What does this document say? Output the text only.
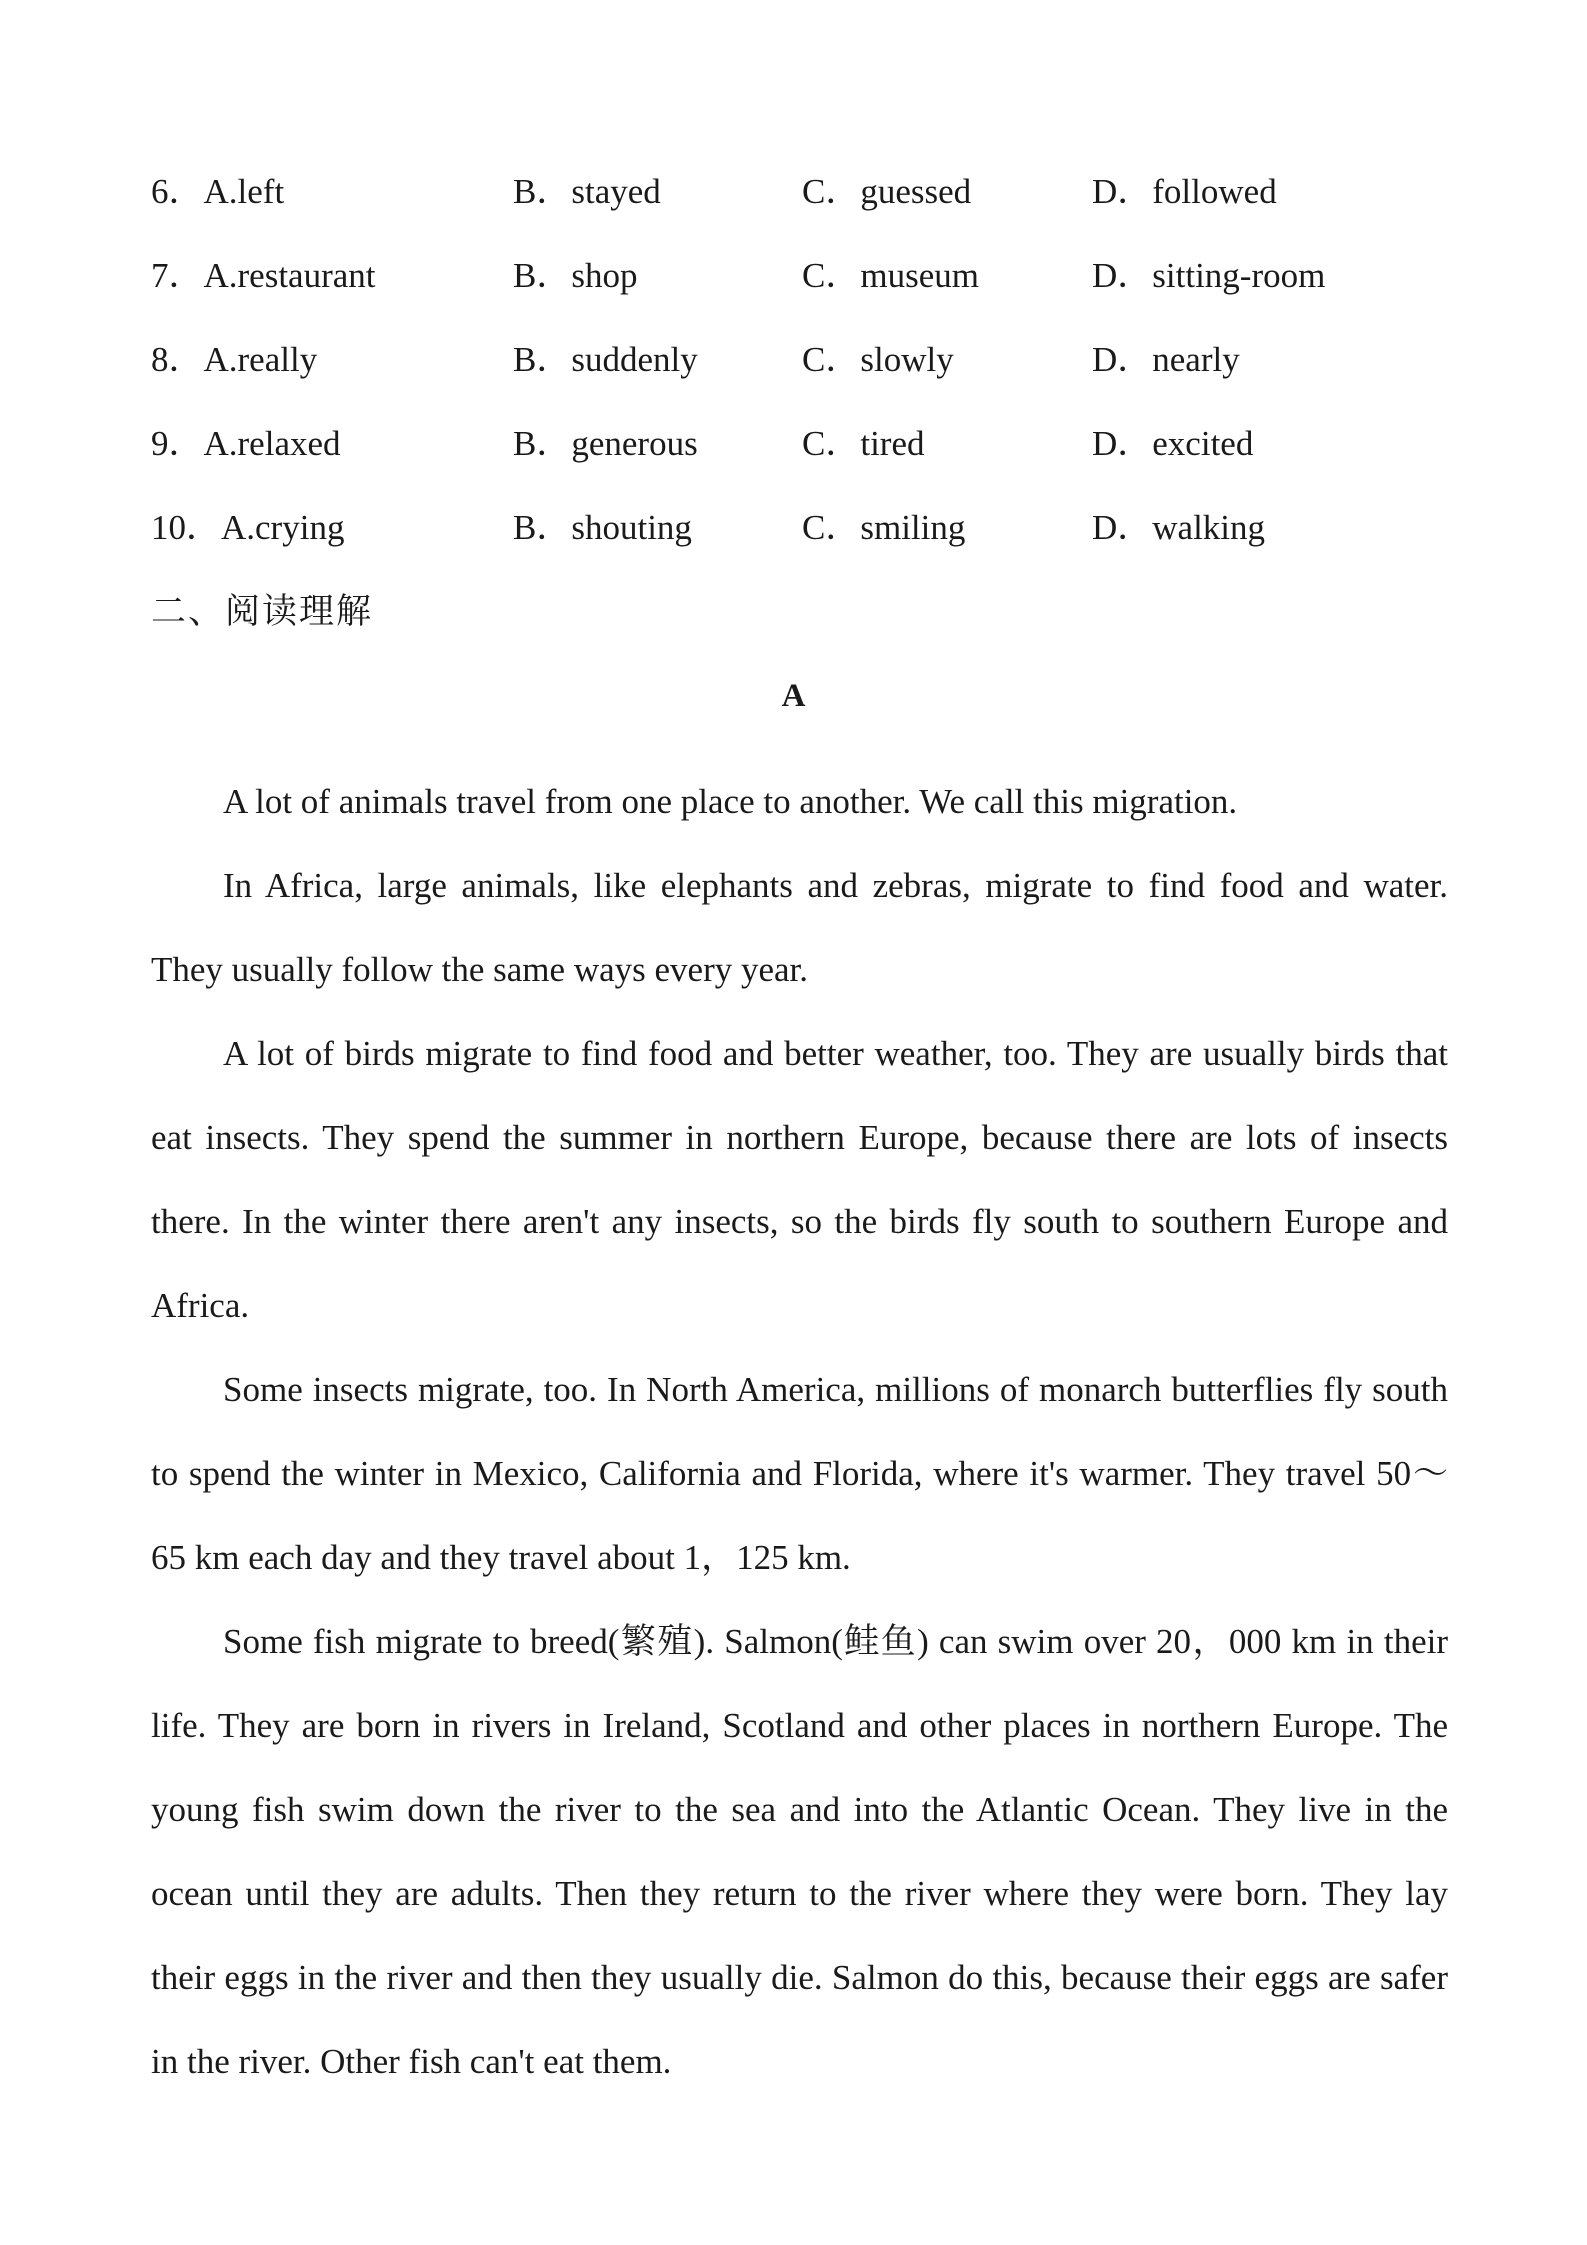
6．A.left	B．stayed	C．guessed	D．followed
7．A.restaurant	B．shop	C．museum	D．sitting-room
8．A.really	B．suddenly	C．slowly	D．nearly
9．A.relaxed	B．generous	C．tired	D．excited
10．A.crying	B．shouting	C．smiling	D．walking
二、阅读理解
A

A lot of animals travel from one place to another. We call this migration.

In Africa, large animals, like elephants and zebras, migrate to find food and water. They usually follow the same ways every year.

A lot of birds migrate to find food and better weather, too. They are usually birds that eat insects. They spend the summer in northern Europe, because there are lots of insects there. In the winter there aren't any insects, so the birds fly south to southern Europe and Africa.

Some insects migrate, too. In North America, millions of monarch butterflies fly south to spend the winter in Mexico, California and Florida, where it's warmer. They travel 50～65 km each day and they travel about 1，125 km.

Some fish migrate to breed(繁殖). Salmon(鲑鱼) can swim over 20，000 km in their life. They are born in rivers in Ireland, Scotland and other places in northern Europe. The young fish swim down the river to the sea and into the Atlantic Ocean. They live in the ocean until they are adults. Then they return to the river where they were born. They lay their eggs in the river and then they usually die. Salmon do this, because their eggs are safer in the river. Other fish can't eat them.
